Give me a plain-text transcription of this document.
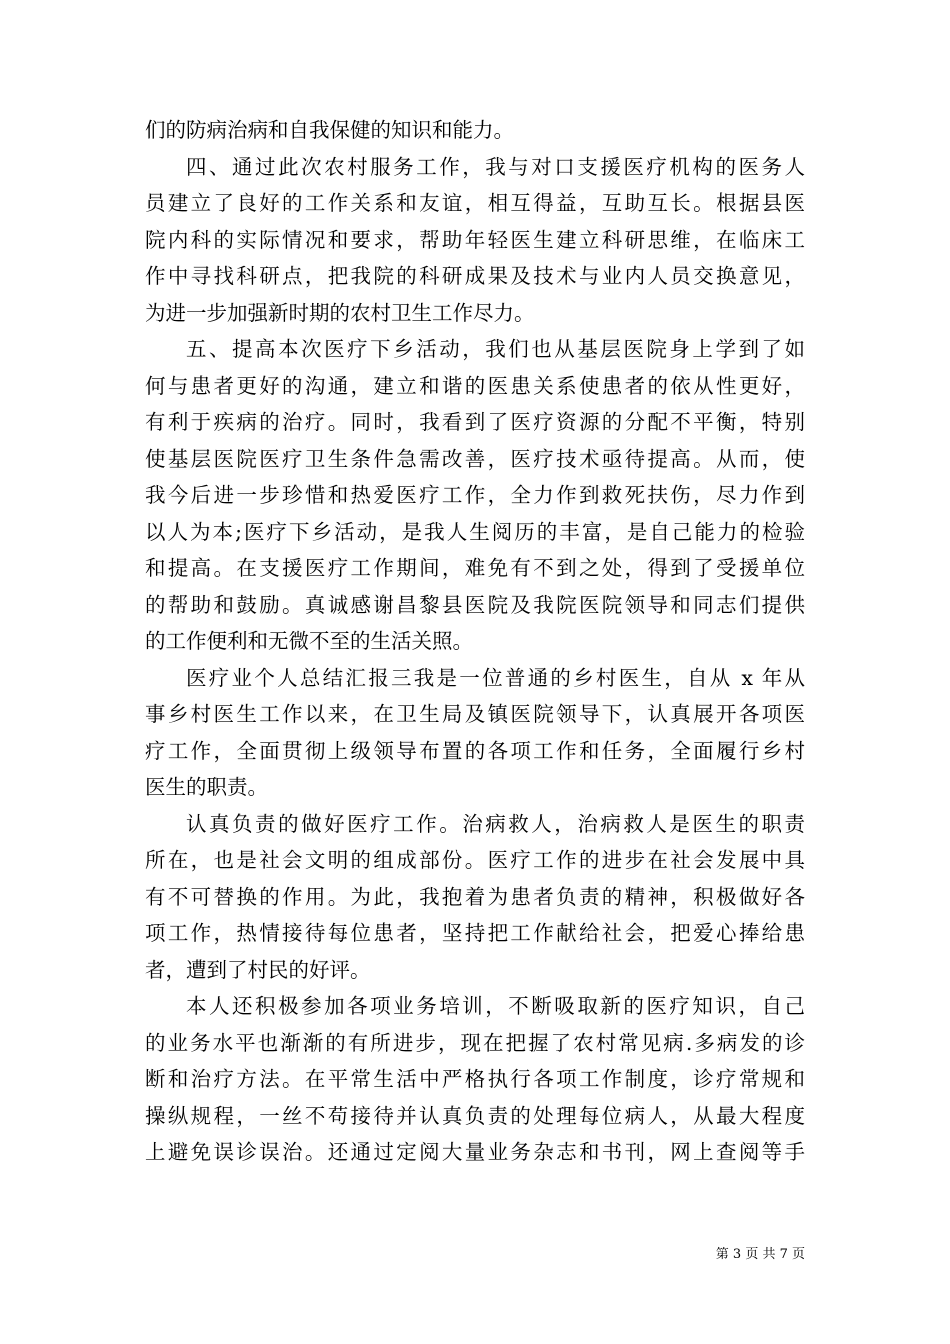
们的防病治病和自我保健的知识和能力。
四、通过此次农村服务工作，我与对口支援医疗机构的医务人
员建立了良好的工作关系和友谊，相互得益，互助互长。根据县医
院内科的实际情况和要求，帮助年轻医生建立科研思维，在临床工
作中寻找科研点，把我院的科研成果及技术与业内人员交换意见，
为进一步加强新时期的农村卫生工作尽力。
五、提高本次医疗下乡活动，我们也从基层医院身上学到了如
何与患者更好的沟通，建立和谐的医患关系使患者的依从性更好，
有利于疾病的治疗。同时，我看到了医疗资源的分配不平衡，特别
使基层医院医疗卫生条件急需改善，医疗技术亟待提高。从而，使
我今后进一步珍惜和热爱医疗工作，全力作到救死扶伤，尽力作到
以人为本;医疗下乡活动，是我人生阅历的丰富，是自己能力的检验
和提高。在支援医疗工作期间，难免有不到之处，得到了受援单位
的帮助和鼓励。真诚感谢昌黎县医院及我院医院领导和同志们提供
的工作便利和无微不至的生活关照。
医疗业个人总结汇报三我是一位普通的乡村医生，自从 x 年从
事乡村医生工作以来，在卫生局及镇医院领导下，认真展开各项医
疗工作，全面贯彻上级领导布置的各项工作和任务，全面履行乡村
医生的职责。
认真负责的做好医疗工作。治病救人，治病救人是医生的职责
所在，也是社会文明的组成部份。医疗工作的进步在社会发展中具
有不可替换的作用。为此，我抱着为患者负责的精神，积极做好各
项工作，热情接待每位患者，坚持把工作献给社会，把爱心捧给患
者，遭到了村民的好评。
本人还积极参加各项业务培训，不断吸取新的医疗知识，自己
的业务水平也渐渐的有所进步，现在把握了农村常见病.多病发的诊
断和治疗方法。在平常生活中严格执行各项工作制度，诊疗常规和
操纵规程，一丝不苟接待并认真负责的处理每位病人，从最大程度
上避免误诊误治。还通过定阅大量业务杂志和书刊，网上查阅等手
第 3 页 共 7 页
